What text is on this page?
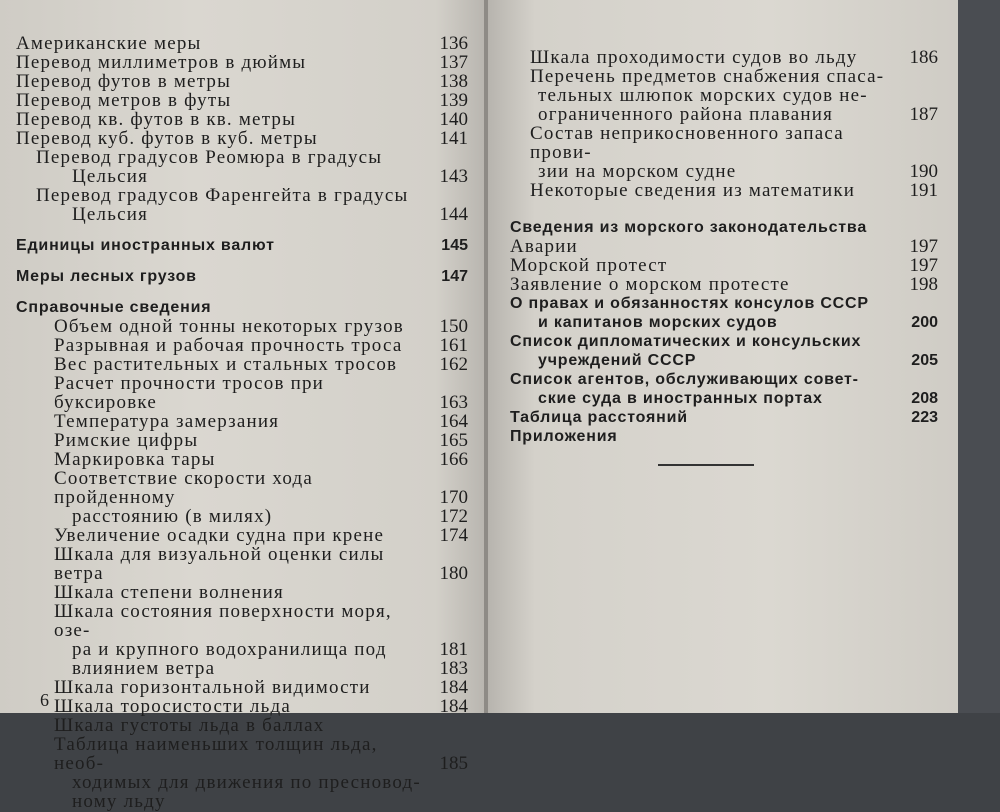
Американские меры	136
Перевод миллиметров в дюймы	137
Перевод футов в метры	138
Перевод метров в футы	139
Перевод кв. футов в кв. метры	140
Перевод куб. футов в куб. метры	141
Перевод градусов Реомюра в градусы
Цельсия	143
Перевод градусов Фаренгейта в градусы
Цельсия	144
Единицы иностранных валют	145
Меры лесных грузов	147
Справочные сведения
Объем одной тонны некоторых грузов	150
Разрывная и рабочая прочность троса	161
Вес растительных и стальных тросов	162
Расчет прочности тросов при буксировке	163
Температура замерзания	164
Римские цифры	165
Маркировка тары	166
Соответствие скорости хода пройденному	170
расстоянию (в милях)	172
Увеличение осадки судна при крене	174
Шкала для визуальной оценки силы ветра	180
Шкала степени волнения
Шкала состояния поверхности моря, озе-
ра и крупного водохранилища под	181
влиянием ветра	183
Шкала горизонтальной видимости	184
Шкала торосистости льда	184
Шкала густоты льда в баллах
Таблица наименьших толщин льда, необ-	185
ходимых для движения по пресновод-
ному льду
6
Шкала проходимости судов во льду	186
Перечень предметов снабжения спаса-
тельных шлюпок морских судов не-
ограниченного района плавания	187
Состав неприкосновенного запаса прови-
зии на морском судне	190
Некоторые сведения из математики	191
Сведения из морского законодательства
Аварии	197
Морской протест	197
Заявление о морском протесте	198
О правах и обязанностях консулов СССР
и капитанов морских судов	200
Список дипломатических и консульских
учреждений СССР	205
Список агентов, обслуживающих совет-
ские суда в иностранных портах	208
Таблица расстояний	223
Приложения
